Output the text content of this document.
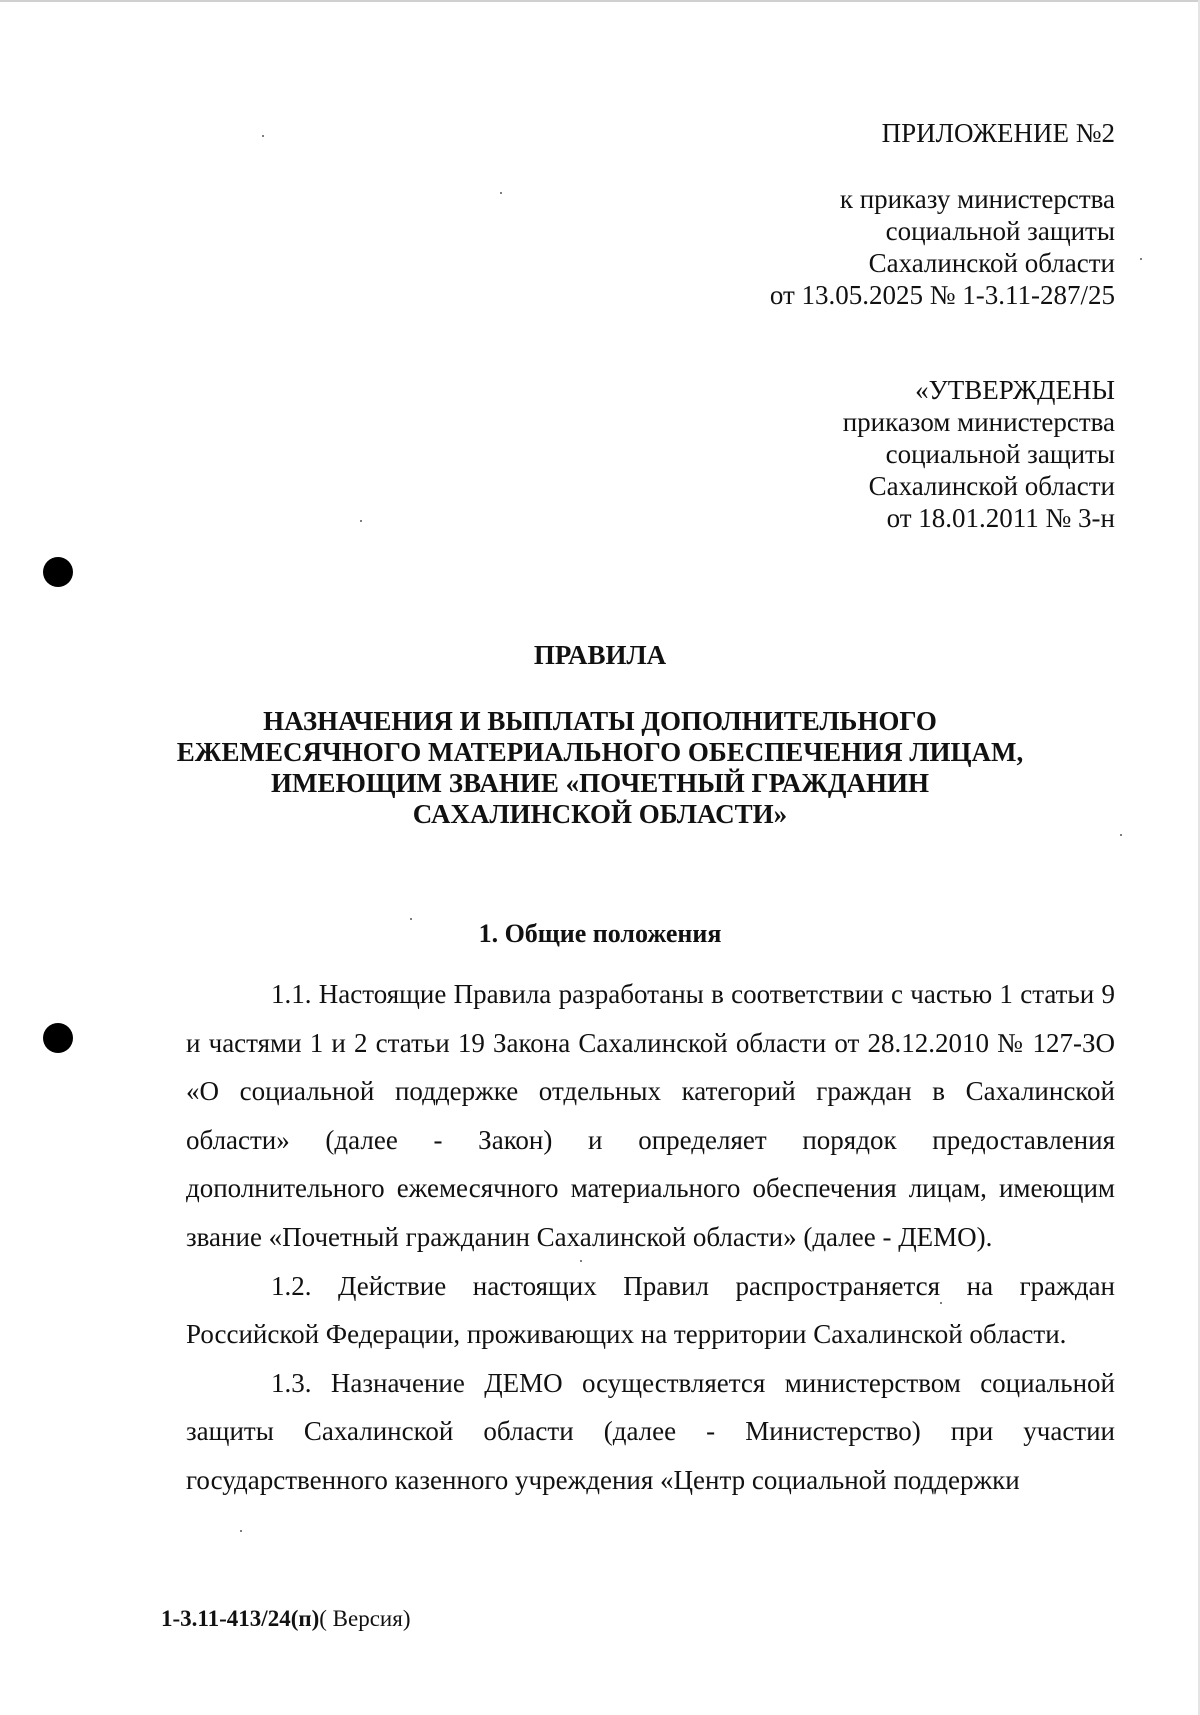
ПРИЛОЖЕНИЕ №2
к приказу министерства
социальной защиты
Сахалинской области
от 13.05.2025 № 1-3.11-287/25
«УТВЕРЖДЕНЫ
приказом министерства
социальной защиты
Сахалинской области
от 18.01.2011 № 3-н
ПРАВИЛА
НАЗНАЧЕНИЯ И ВЫПЛАТЫ ДОПОЛНИТЕЛЬНОГО
ЕЖЕМЕСЯЧНОГО МАТЕРИАЛЬНОГО ОБЕСПЕЧЕНИЯ ЛИЦАМ,
ИМЕЮЩИМ ЗВАНИЕ «ПОЧЕТНЫЙ ГРАЖДАНИН
САХАЛИНСКОЙ ОБЛАСТИ»
1. Общие положения

1.1. Настоящие Правила разработаны в соответствии с частью 1 статьи 9 и частями 1 и 2 статьи 19 Закона Сахалинской области от 28.12.2010 № 127-ЗО «О социальной поддержке отдельных категорий граждан в Сахалинской области» (далее - Закон) и определяет порядок предоставления дополнительного ежемесячного материального обеспечения лицам, имеющим звание «Почетный гражданин Сахалинской области» (далее - ДЕМО).

1.2. Действие настоящих Правил распространяется на граждан Российской Федерации, проживающих на территории Сахалинской области.

1.3. Назначение ДЕМО осуществляется министерством социальной защиты Сахалинской области (далее - Министерство) при участии государственного казенного учреждения «Центр социальной поддержки

1-3.11-413/24(п)( Версия)
